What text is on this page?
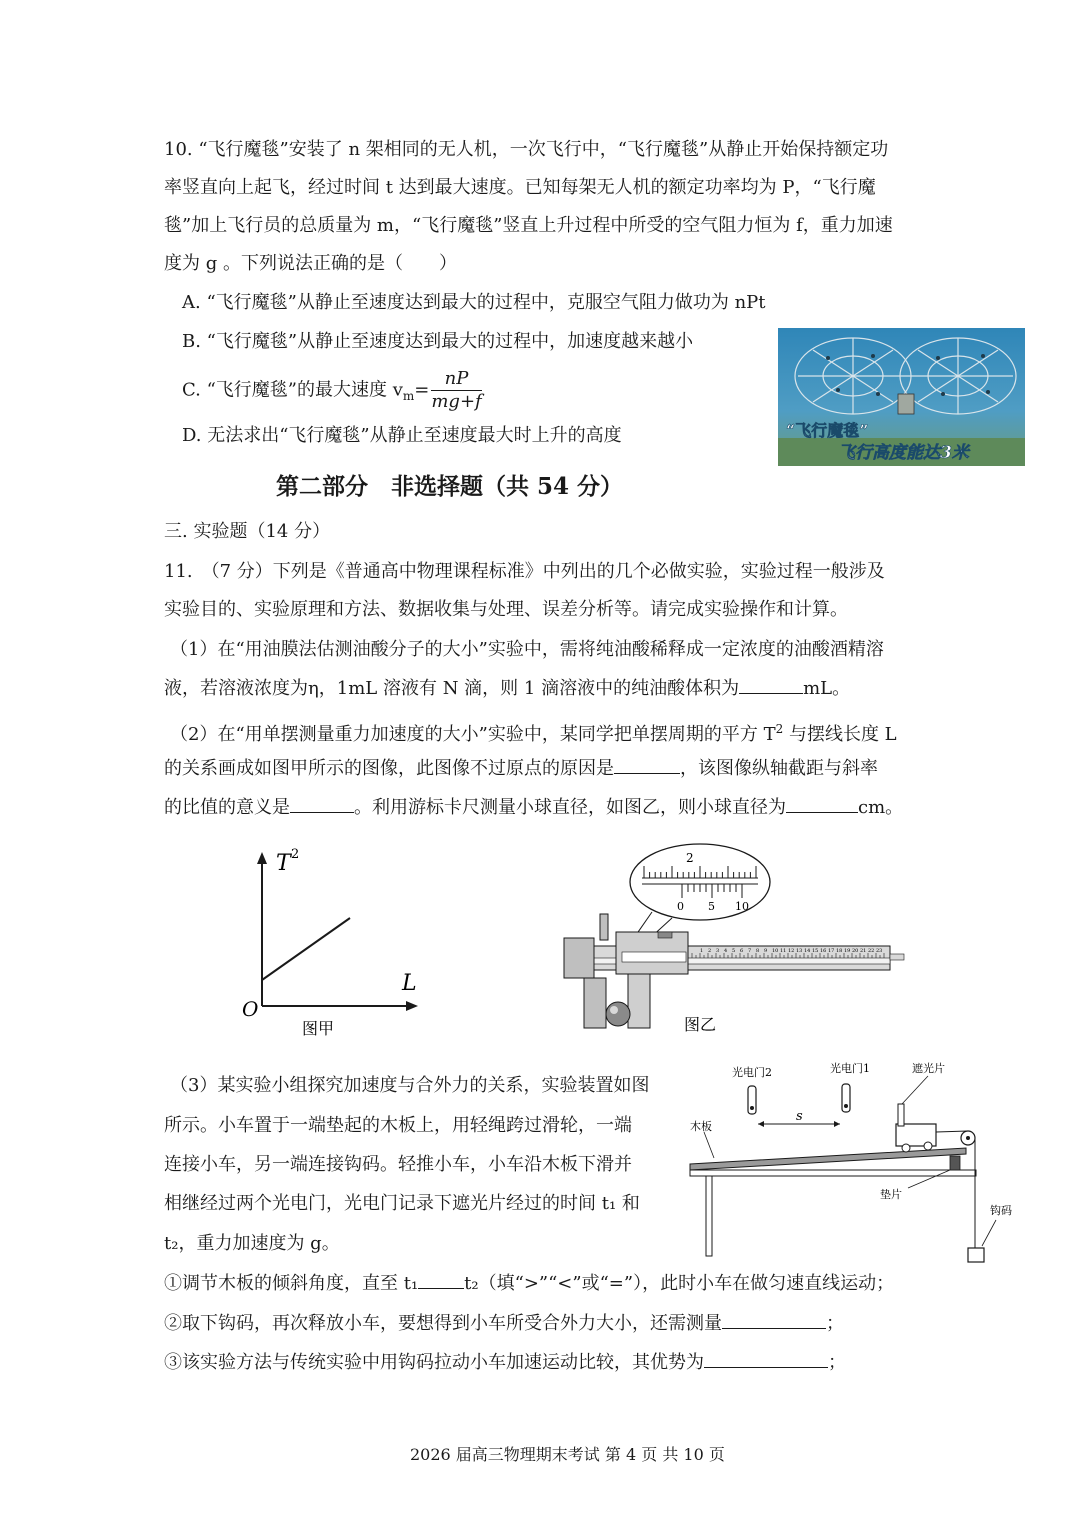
10. “飞行魔毯”安装了 n 架相同的无人机，一次飞行中，“飞行魔毯”从静止开始保持额定功
率竖直向上起飞，经过时间 t 达到最大速度。已知每架无人机的额定功率均为 P，“飞行魔
毯”加上飞行员的总质量为 m，“飞行魔毯”竖直上升过程中所受的空气阻力恒为 f，重力加速
度为 g 。下列说法正确的是（　　）
A. “飞行魔毯”从静止至速度达到最大的过程中，克服空气阻力做功为 nPt
B. “飞行魔毯”从静止至速度达到最大的过程中，加速度越来越小
C. “飞行魔毯”的最大速度 $v_m= \frac{nP}{mg+f}$
D. 无法求出“飞行魔毯”从静止至速度最大时上升的高度	“飞行魔毯”
飞行高度能达3米
第二部分　非选择题（共 54 分）
三. 实验题（14 分）
11.　（7 分）下列是《普通高中物理课程标准》中列出的几个必做实验，实验过程一般涉及
实验目的、实验原理和方法、数据收集与处理、误差分析等。请完成实验操作和计算。
（1）在“用油膜法估测油酸分子的大小”实验中，需将纯油酸稀释成一定浓度的油酸酒精溶
液，若溶液浓度为η，1mL 溶液有 N 滴，则 1 滴溶液中的纯油酸体积为	mL。
（2）在“用单摆测量重力加速度的大小”实验中，某同学把单摆周期的平方 $T^2$ 与摆线长度 L
的关系画成如图甲所示的图像，此图像不过原点的原因是	，该图像纵轴截距与斜率
的比值的意义是	。利用游标卡尺测量小球直径，如图乙，则小球直径为	cm。
T 2
L
O
图甲
2
0 5 10
1 2 3 4 5 6 7 8 9 10 11 12 13 14 15 16 17 18 19 20 21 22 23
图乙
（3）某实验小组探究加速度与合外力的关系，实验装置如图
所示。小车置于一端垫起的木板上，用轻绳跨过滑轮，一端
连接小车，另一端连接钩码。轻推小车，小车沿木板下滑并
相继经过两个光电门，光电门记录下遮光片经过的时间 t₁ 和
t₂，重力加速度为 g。
光电门2	光电门1	遮光片
木板
s
垫片
钩码
①调节木板的倾斜角度，直至 t₁	t₂（填“>”“<”或“=”），此时小车在做匀速直线运动；
②取下钩码，再次释放小车，要想得到小车所受合外力大小，还需测量	；
③该实验方法与传统实验中用钩码拉动小车加速运动比较，其优势为	；
2026 届高三物理期末考试 第 4 页 共 10 页
